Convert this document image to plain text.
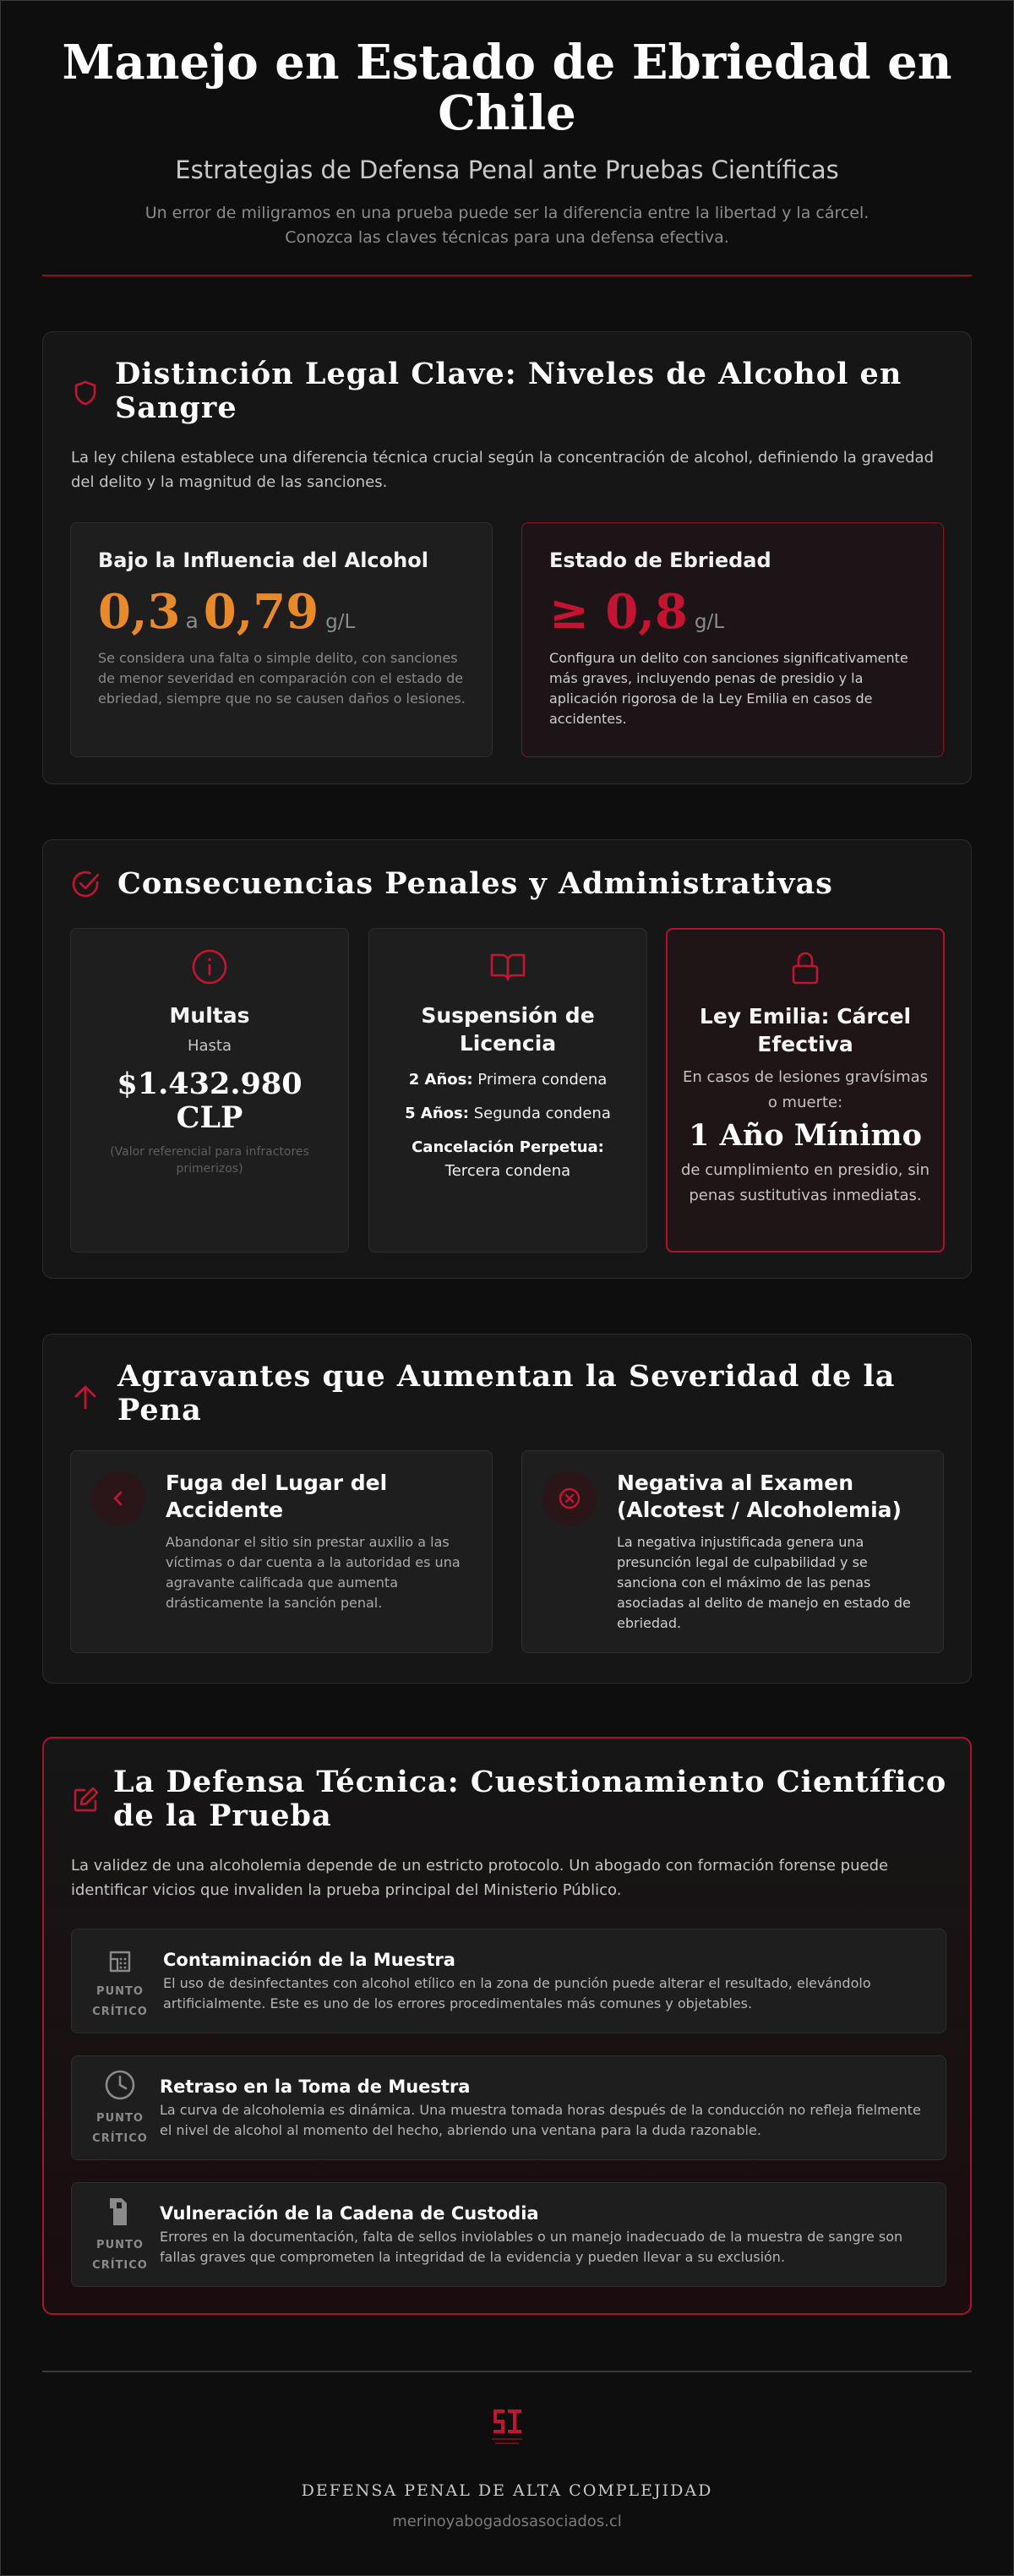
Manejo en Estado de Ebriedad en Chile
Estrategias de Defensa Penal ante Pruebas Científicas
Un error de miligramos en una prueba puede ser la diferencia entre la libertad y la cárcel. Conozca las claves técnicas para una defensa efectiva.
Distinción Legal Clave: Niveles de Alcohol en Sangre

La ley chilena establece una diferencia técnica crucial según la concentración de alcohol, definiendo la gravedad del delito y la magnitud de las sanciones.

Bajo la Influencia del Alcohol
0,3 a 0,79 g/L

Se considera una falta o simple delito, con sanciones de menor severidad en comparación con el estado de ebriedad, siempre que no se causen daños o lesiones.

Estado de Ebriedad
≥ 0,8 g/L

Configura un delito con sanciones significativamente más graves, incluyendo penas de presidio y la aplicación rigorosa de la Ley Emilia en casos de accidentes.

Consecuencias Penales y Administrativas
Multas
Hasta
$1.432.980
CLP
(Valor referencial para infractores primerizos)
Suspensión de Licencia
2 Años: Primera condena
5 Años: Segunda condena
Cancelación Perpetua:
Tercera condena
Ley Emilia: Cárcel Efectiva
En casos de lesiones gravísimas o muerte:
1 Año Mínimo
de cumplimiento en presidio, sin penas sustitutivas inmediatas.
Agravantes que Aumentan la Severidad de la Pena
Fuga del Lugar del Accidente

Abandonar el sitio sin prestar auxilio a las víctimas o dar cuenta a la autoridad es una agravante calificada que aumenta drásticamente la sanción penal.

Negativa al Examen (Alcotest / Alcoholemia)

La negativa injustificada genera una presunción legal de culpabilidad y se sanciona con el máximo de las penas asociadas al delito de manejo en estado de ebriedad.

La Defensa Técnica: Cuestionamiento Científico de la Prueba

La validez de una alcoholemia depende de un estricto protocolo. Un abogado con formación forense puede identificar vicios que invaliden la prueba principal del Ministerio Público.

PUNTO
CRÍTICO
Contaminación de la Muestra

El uso de desinfectantes con alcohol etílico en la zona de punción puede alterar el resultado, elevándolo artificialmente. Este es uno de los errores procedimentales más comunes y objetables.

PUNTO
CRÍTICO
Retraso en la Toma de Muestra

La curva de alcoholemia es dinámica. Una muestra tomada horas después de la conducción no refleja fielmente el nivel de alcohol al momento del hecho, abriendo una ventana para la duda razonable.

PUNTO
CRÍTICO
Vulneración de la Cadena de Custodia

Errores en la documentación, falta de sellos inviolables o un manejo inadecuado de la muestra de sangre son fallas graves que comprometen la integridad de la evidencia y pueden llevar a su exclusión.

DEFENSA PENAL DE ALTA COMPLEJIDAD
merinoyabogadosasociados.cl
